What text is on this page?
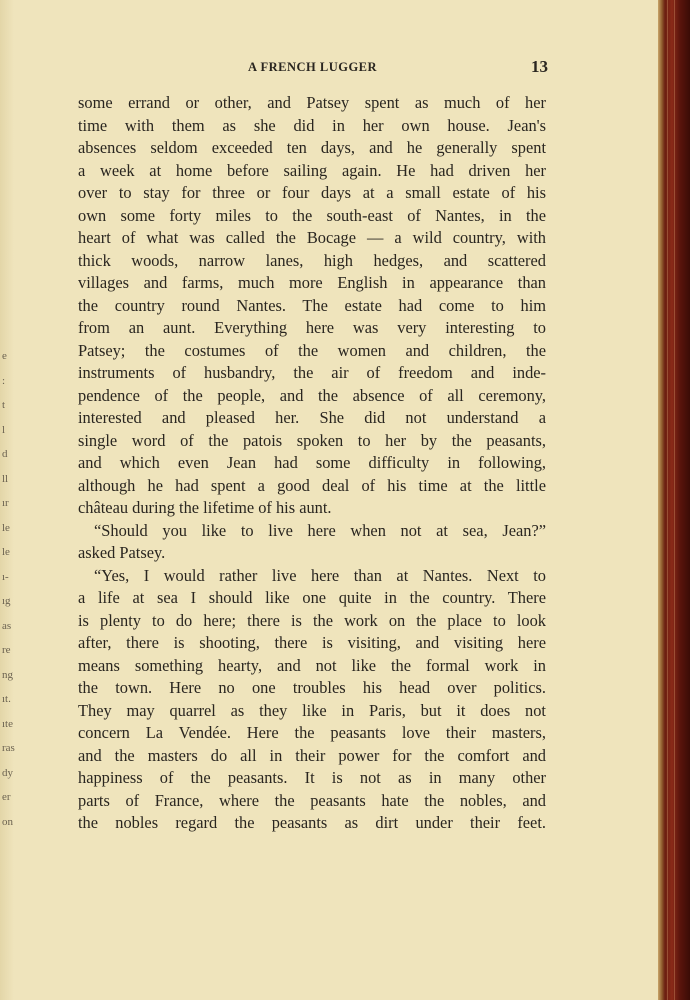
e
:
t
l
d
ll
ır
le
le
ı-
ıg
as
re
ng
ıt.
ıte
ras
dy
er
on
A FRENCH LUGGER	13
some errand or other, and Patsey spent as much of her
time with them as she did in her own house. Jean's
absences seldom exceeded ten days, and he generally spent
a week at home before sailing again. He had driven her
over to stay for three or four days at a small estate of his
own some forty miles to the south-east of Nantes, in the
heart of what was called the Bocage — a wild country, with
thick woods, narrow lanes, high hedges, and scattered
villages and farms, much more English in appearance than
the country round Nantes. The estate had come to him
from an aunt. Everything here was very interesting to
Patsey; the costumes of the women and children, the
instruments of husbandry, the air of freedom and inde-
pendence of the people, and the absence of all ceremony,
interested and pleased her. She did not understand a
single word of the patois spoken to her by the peasants,
and which even Jean had some difficulty in following,
although he had spent a good deal of his time at the little
château during the lifetime of his aunt.
“Should you like to live here when not at sea, Jean?”
asked Patsey.
“Yes, I would rather live here than at Nantes. Next to
a life at sea I should like one quite in the country. There
is plenty to do here; there is the work on the place to look
after, there is shooting, there is visiting, and visiting here
means something hearty, and not like the formal work in
the town. Here no one troubles his head over politics.
They may quarrel as they like in Paris, but it does not
concern La Vendée. Here the peasants love their masters,
and the masters do all in their power for the comfort and
happiness of the peasants. It is not as in many other
parts of France, where the peasants hate the nobles, and
the nobles regard the peasants as dirt under their feet.
